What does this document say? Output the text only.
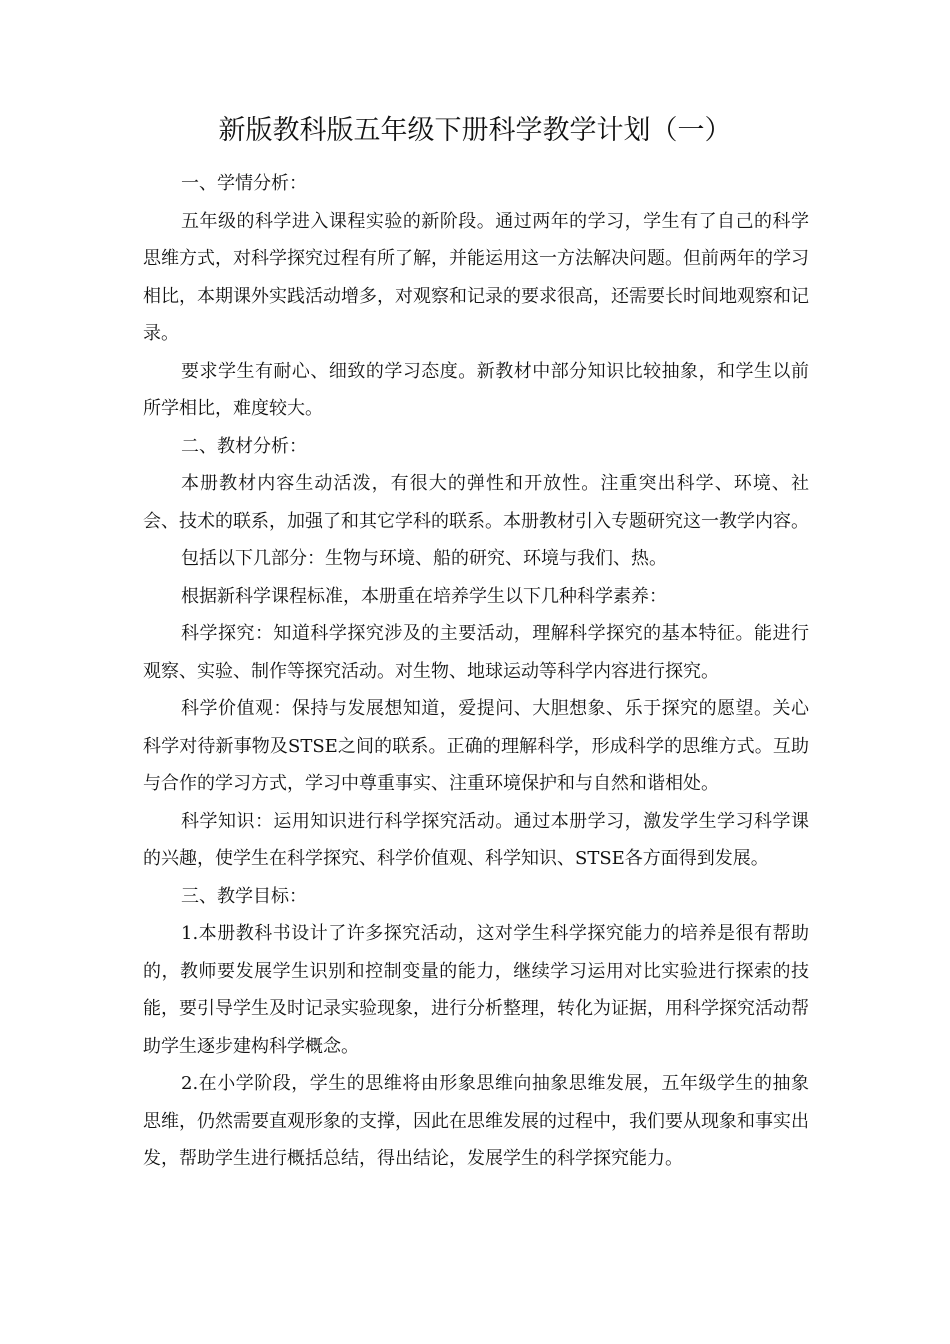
新版教科版五年级下册科学教学计划（一）

一、学情分析：

五年级的科学进入课程实验的新阶段。通过两年的学习，学生有了自己的科学思维方式，对科学探究过程有所了解，并能运用这一方法解决问题。但前两年的学习相比，本期课外实践活动增多，对观察和记录的要求很高，还需要长时间地观察和记录。

要求学生有耐心、细致的学习态度。新教材中部分知识比较抽象，和学生以前所学相比，难度较大。

二、教材分析：

本册教材内容生动活泼，有很大的弹性和开放性。注重突出科学、环境、社会、技术的联系，加强了和其它学科的联系。本册教材引入专题研究这一教学内容。

包括以下几部分：生物与环境、船的研究、环境与我们、热。

根据新科学课程标准，本册重在培养学生以下几种科学素养：

科学探究：知道科学探究涉及的主要活动，理解科学探究的基本特征。能进行观察、实验、制作等探究活动。对生物、地球运动等科学内容进行探究。

科学价值观：保持与发展想知道，爱提问、大胆想象、乐于探究的愿望。关心科学对待新事物及STSE之间的联系。正确的理解科学，形成科学的思维方式。互助与合作的学习方式，学习中尊重事实、注重环境保护和与自然和谐相处。

科学知识：运用知识进行科学探究活动。通过本册学习，激发学生学习科学课的兴趣，使学生在科学探究、科学价值观、科学知识、STSE各方面得到发展。

三、教学目标：

1.本册教科书设计了许多探究活动，这对学生科学探究能力的培养是很有帮助的，教师要发展学生识别和控制变量的能力，继续学习运用对比实验进行探索的技能，要引导学生及时记录实验现象，进行分析整理，转化为证据，用科学探究活动帮助学生逐步建构科学概念。

2.在小学阶段，学生的思维将由形象思维向抽象思维发展，五年级学生的抽象思维，仍然需要直观形象的支撑，因此在思维发展的过程中，我们要从现象和事实出发，帮助学生进行概括总结，得出结论，发展学生的科学探究能力。
